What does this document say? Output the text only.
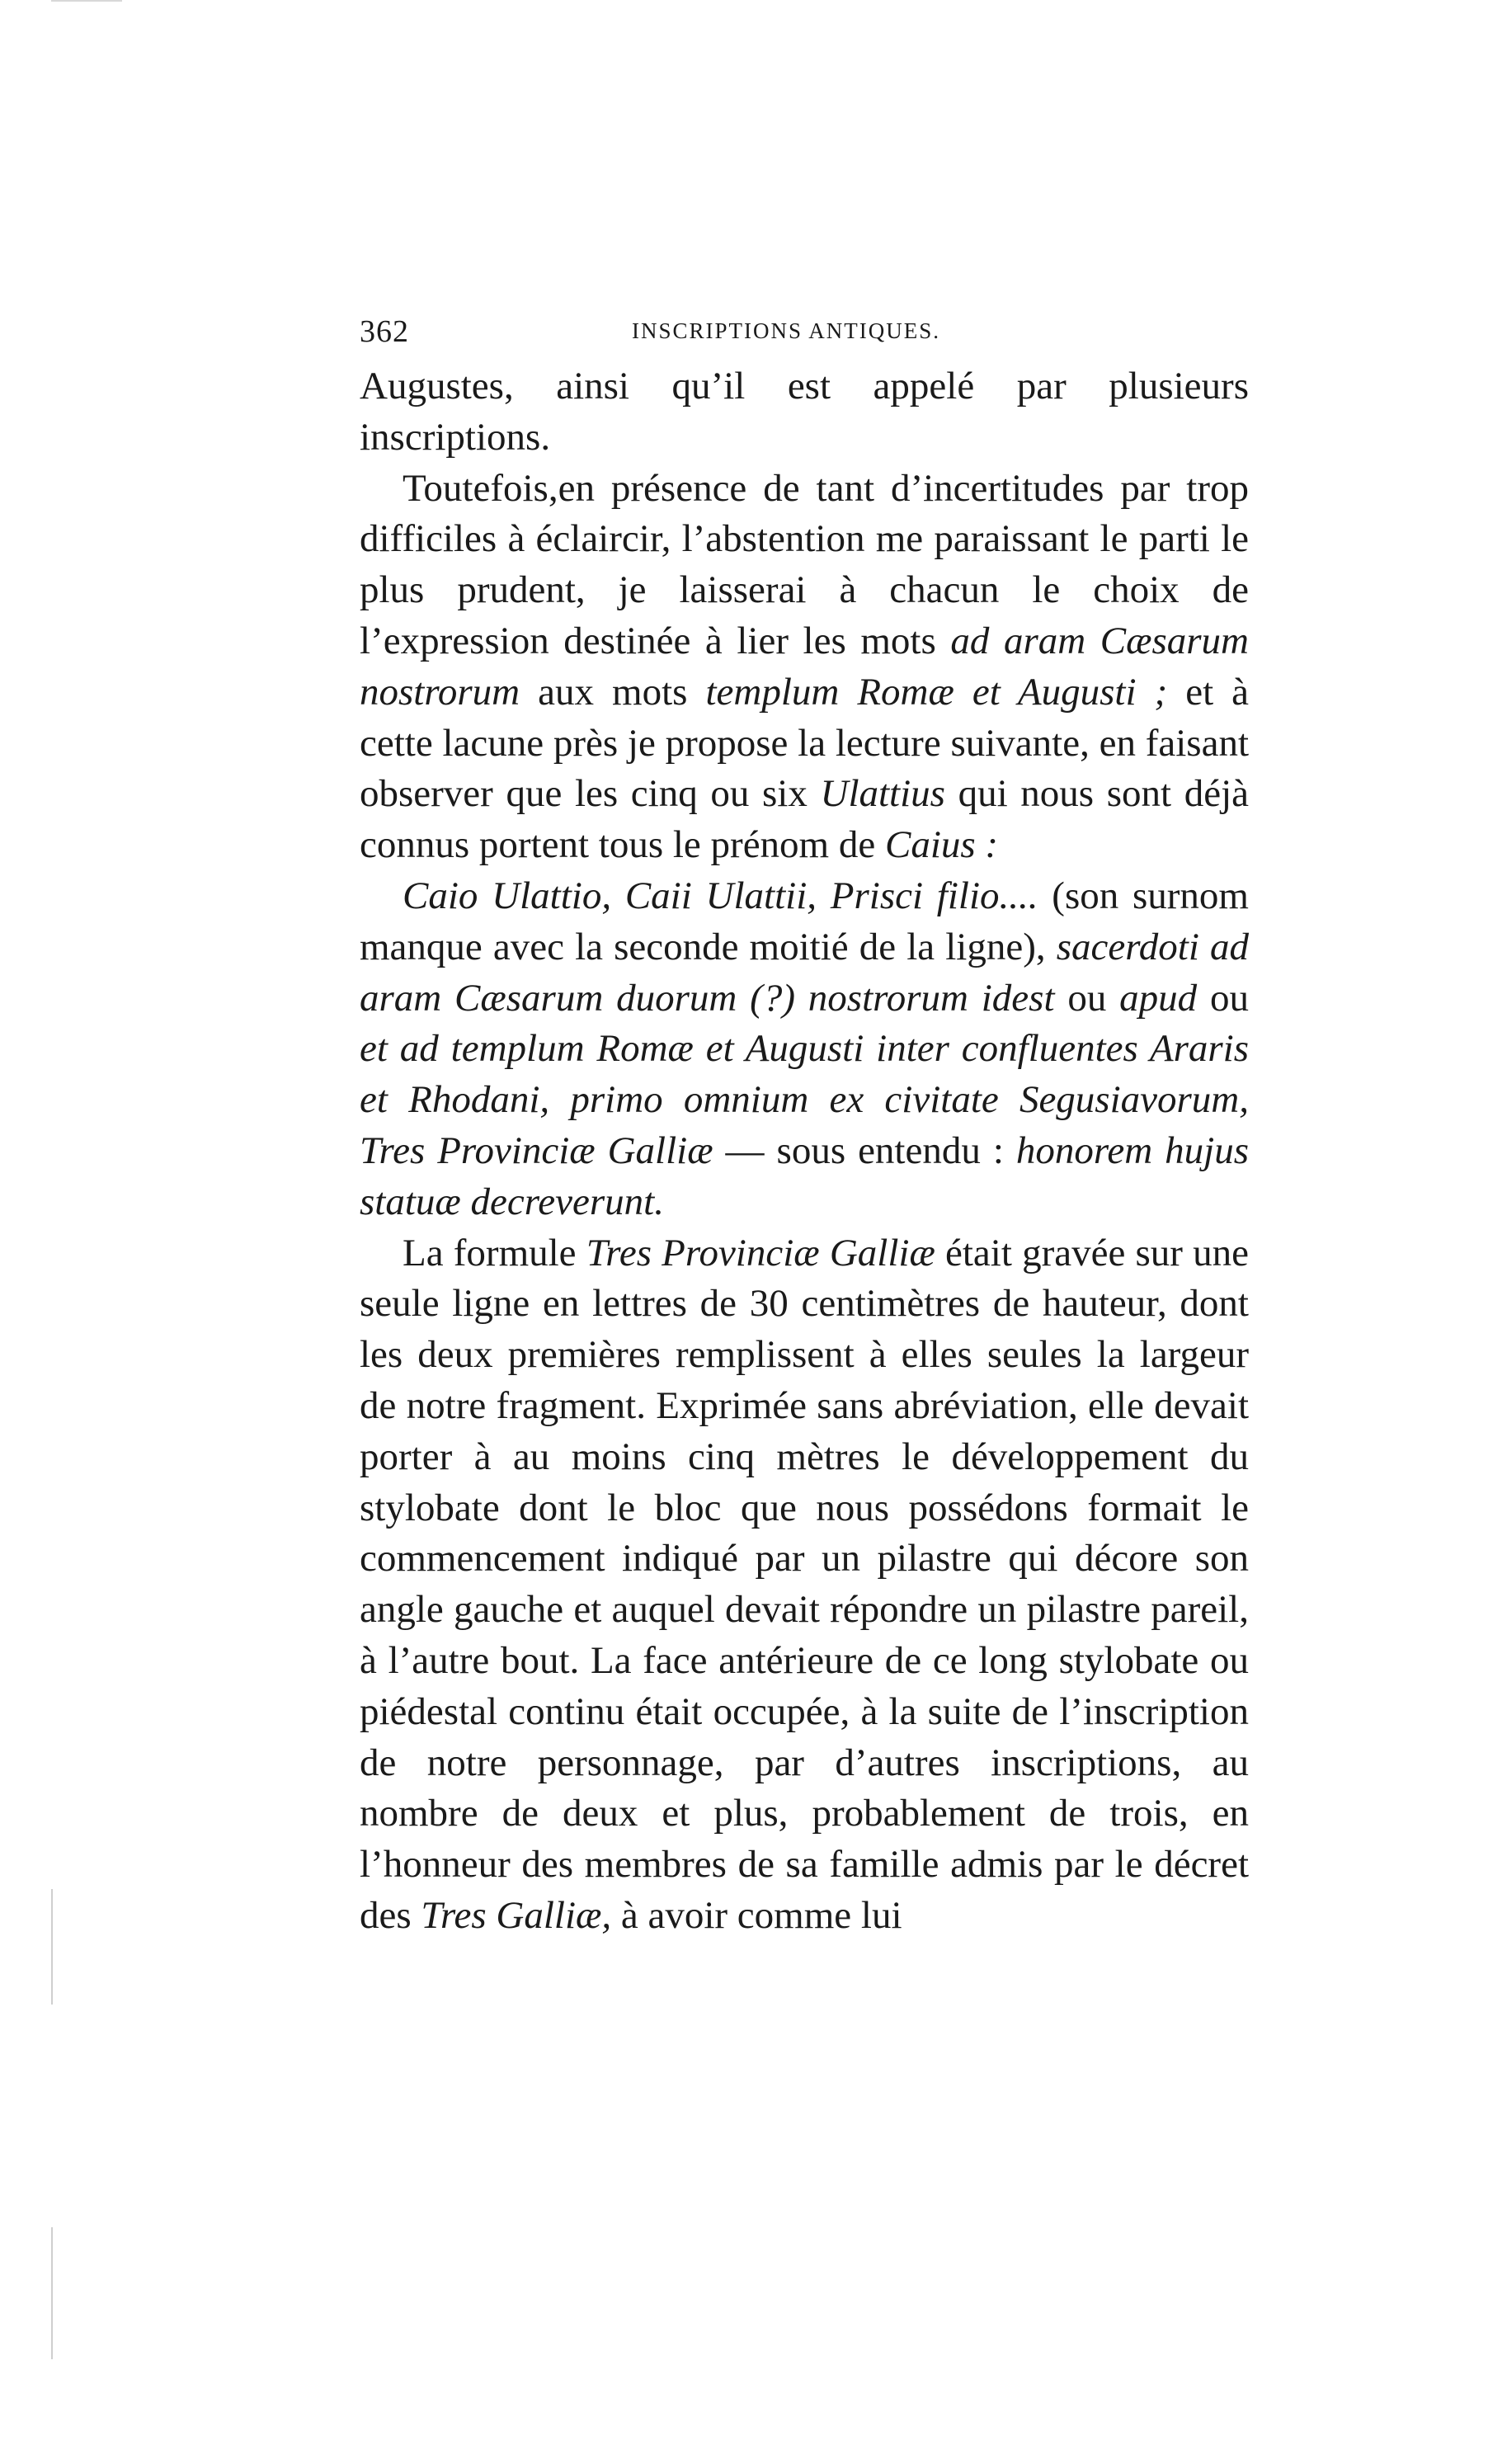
362	INSCRIPTIONS ANTIQUES.

Augustes, ainsi qu’il est appelé par plusieurs inscriptions.

Toutefois,en présence de tant d’incertitudes par trop difficiles à éclaircir, l’abstention me paraissant le parti le plus prudent, je laisserai à chacun le choix de l’expression destinée à lier les mots ad aram Cæsarum nostrorum aux mots templum Romæ et Augusti ; et à cette lacune près je propose la lecture suivante, en faisant observer que les cinq ou six Ulattius qui nous sont déjà connus portent tous le prénom de Caius :

Caio Ulattio, Caii Ulattii, Prisci filio.... (son surnom manque avec la seconde moitié de la ligne), sacerdoti ad aram Cæsarum duorum (?) nostrorum idest ou apud ou et ad templum Romæ et Augusti inter confluentes Araris et Rhodani, primo omnium ex civitate Segusiavorum, Tres Provinciæ Galliæ — sous entendu : honorem hujus statuæ decreverunt.

La formule Tres Provinciæ Galliæ était gravée sur une seule ligne en lettres de 30 centimètres de hauteur, dont les deux premières remplissent à elles seules la largeur de notre fragment. Exprimée sans abréviation, elle devait porter à au moins cinq mètres le développement du stylobate dont le bloc que nous possédons formait le commencement indiqué par un pilastre qui décore son angle gauche et auquel devait répondre un pilastre pareil, à l’autre bout. La face antérieure de ce long stylobate ou piédestal continu était occupée, à la suite de l’inscription de notre personnage, par d’autres inscriptions, au nombre de deux et plus, probablement de trois, en l’honneur des membres de sa famille admis par le décret des Tres Galliæ, à avoir comme lui
